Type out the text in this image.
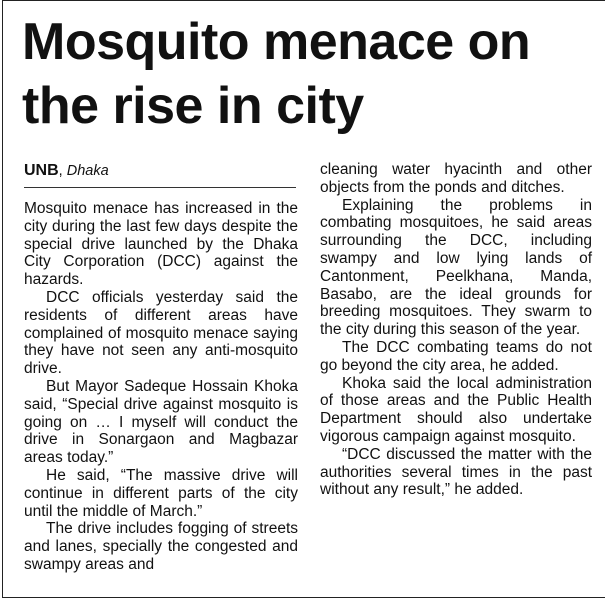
Mosquito menace on the rise in city
UNB, Dhaka

Mosquito menace has increased in the city during the last few days despite the special drive launched by the Dhaka City Corporation (DCC) against the hazards.

DCC officials yesterday said the residents of different areas have complained of mosquito menace saying they have not seen any anti-mosquito drive.

But Mayor Sadeque Hossain Khoka said, “Special drive against mosquito is going on … I myself will conduct the drive in Sonargaon and Magbazar areas today.”

He said, “The massive drive will continue in different parts of the city until the middle of March.”

The drive includes fogging of streets and lanes, specially the congested and swampy areas and

cleaning water hyacinth and other objects from the ponds and ditches.

Explaining the problems in combating mosquitoes, he said areas surrounding the DCC, including swampy and low lying lands of Cantonment, Peelkhana, Manda, Basabo, are the ideal grounds for breeding mosquitoes. They swarm to the city during this season of the year.

The DCC combating teams do not go beyond the city area, he added.

Khoka said the local administration of those areas and the Public Health Department should also undertake vigorous campaign against mosquito.

“DCC discussed the matter with the authorities several times in the past without any result,” he added.
